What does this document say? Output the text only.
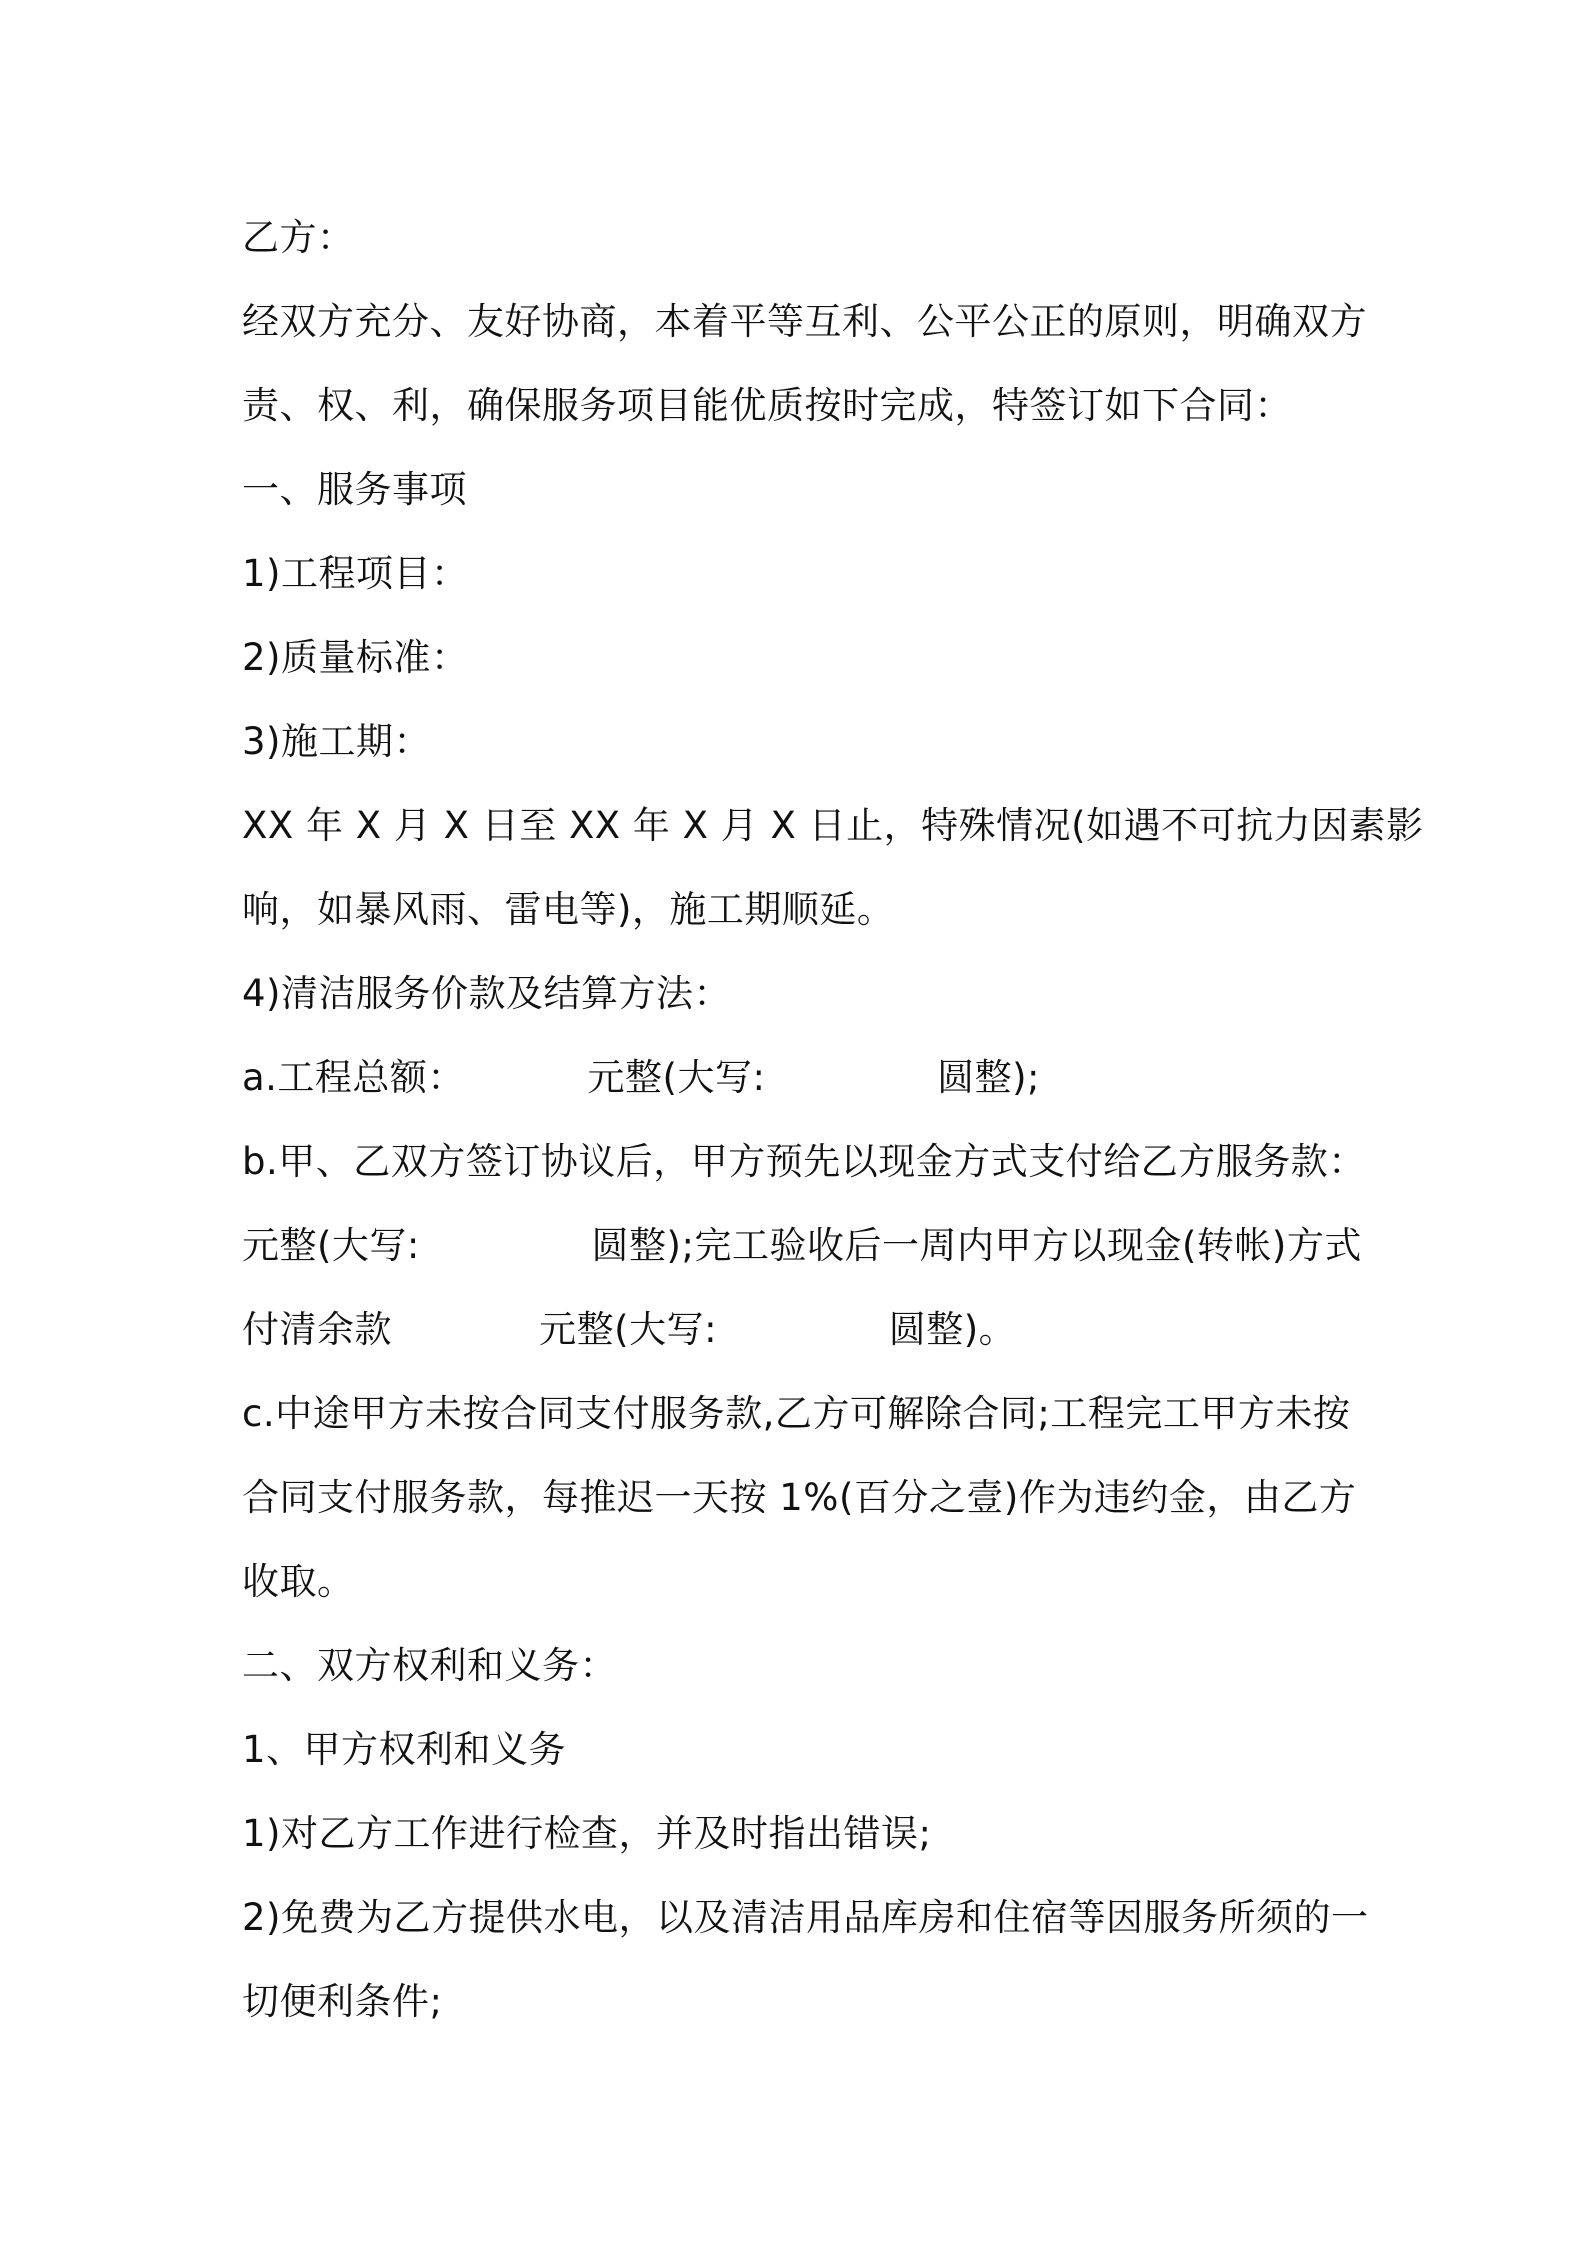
乙方：

经双方充分、友好协商，本着平等互利、公平公正的原则，明确双方

责、权、利，确保服务项目能优质按时完成，特签订如下合同：

一、服务事项

1)工程项目：

2)质量标准：

3)施工期：

XX 年 X 月 X 日至 XX 年 X 月 X 日止，特殊情况(如遇不可抗力因素影

响，如暴风雨、雷电等)，施工期顺延。

4)清洁服务价款及结算方法：

a.工程总额：          元整(大写:              圆整);

b.甲、乙双方签订协议后，甲方预先以现金方式支付给乙方服务款：

元整(大写:              圆整);完工验收后一周内甲方以现金(转帐)方式

付清余款            元整(大写:              圆整)。

c.中途甲方未按合同支付服务款,乙方可解除合同;工程完工甲方未按

合同支付服务款，每推迟一天按 1%(百分之壹)作为违约金，由乙方

收取。

二、双方权利和义务：

1、甲方权利和义务

1)对乙方工作进行检查，并及时指出错误;

2)免费为乙方提供水电，以及清洁用品库房和住宿等因服务所须的一

切便利条件;
